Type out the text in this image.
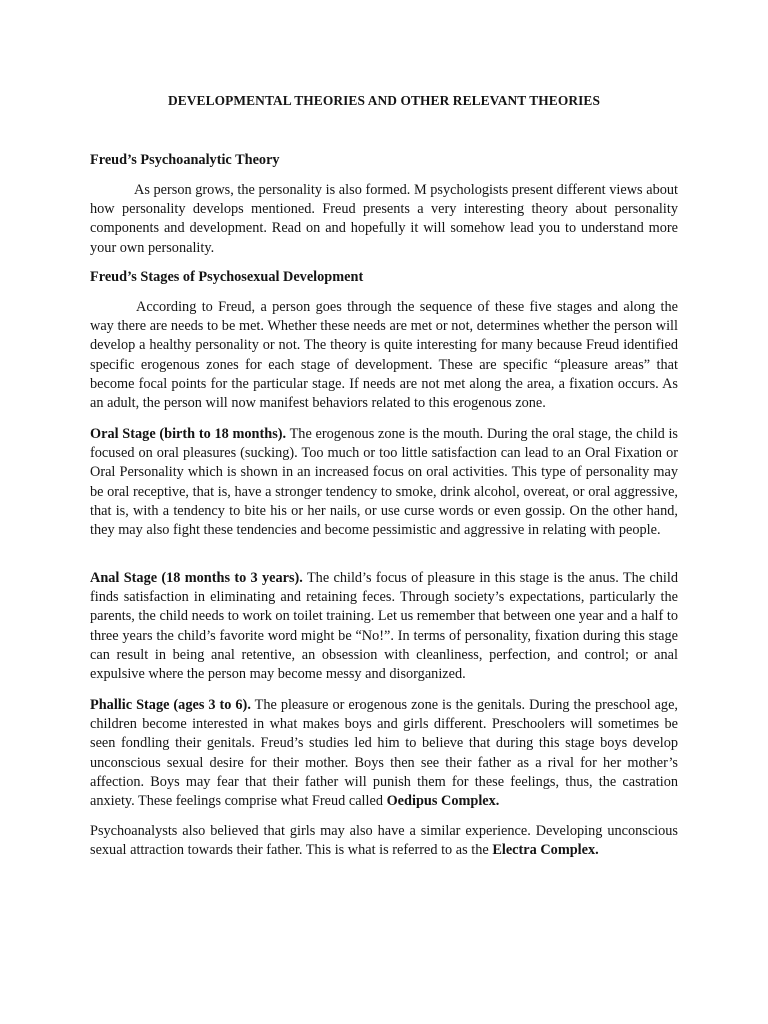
DEVELOPMENTAL THEORIES AND OTHER RELEVANT THEORIES
Freud’s Psychoanalytic Theory

As person grows, the personality is also formed. M psychologists present different views about how personality develops mentioned. Freud presents a very interesting theory about personality components and development. Read on and hopefully it will somehow lead you to understand more your own personality.

Freud’s Stages of Psychosexual Development

According to Freud, a person goes through the sequence of these five stages and along the way there are needs to be met. Whether these needs are met or not, determines whether the person will develop a healthy personality or not. The theory is quite interesting for many because Freud identified specific erogenous zones for each stage of development. These are specific “pleasure areas” that become focal points for the particular stage. If needs are not met along the area, a fixation occurs. As an adult, the person will now manifest behaviors related to this erogenous zone.

Oral Stage (birth to 18 months). The erogenous zone is the mouth. During the oral stage, the child is focused on oral pleasures (sucking). Too much or too little satisfaction can lead to an Oral Fixation or Oral Personality which is shown in an increased focus on oral activities. This type of personality may be oral receptive, that is, have a stronger tendency to smoke, drink alcohol, overeat, or oral aggressive, that is, with a tendency to bite his or her nails, or use curse words or even gossip. On the other hand, they may also fight these tendencies and become pessimistic and aggressive in relating with people.

Anal Stage (18 months to 3 years). The child’s focus of pleasure in this stage is the anus. The child finds satisfaction in eliminating and retaining feces. Through society’s expectations, particularly the parents, the child needs to work on toilet training. Let us remember that between one year and a half to three years the child’s favorite word might be “No!”. In terms of personality, fixation during this stage can result in being anal retentive, an obsession with cleanliness, perfection, and control; or anal expulsive where the person may become messy and disorganized.

Phallic Stage (ages 3 to 6). The pleasure or erogenous zone is the genitals. During the preschool age, children become interested in what makes boys and girls different. Preschoolers will sometimes be seen fondling their genitals. Freud’s studies led him to believe that during this stage boys develop unconscious sexual desire for their mother. Boys then see their father as a rival for her mother’s affection. Boys may fear that their father will punish them for these feelings, thus, the castration anxiety. These feelings comprise what Freud called Oedipus Complex.

Psychoanalysts also believed that girls may also have a similar experience. Developing unconscious sexual attraction towards their father. This is what is referred to as the Electra Complex.
